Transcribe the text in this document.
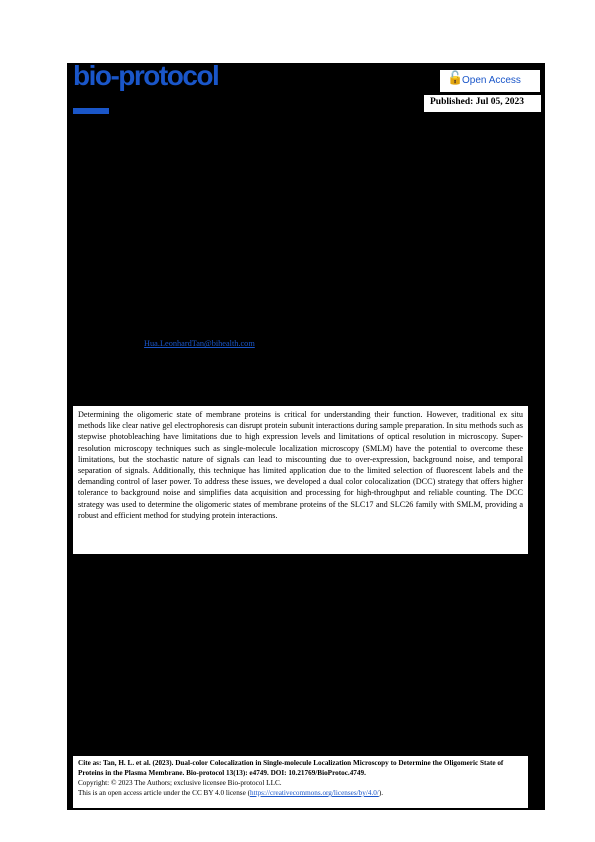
bio-protocol	🔓
Open Access
Published: Jul 05, 2023

$^1$Institute of Biological Information Processing, Molecular and Cellular Physiology (IBI-1), Forschungszentrum Jülich, Jülich, Germany

$^2$Berlin Institute of Health at Charité – Universitätsmedizin Berlin, Center of Functional Genomics, Hypertension and Molecular Biology of Endocrine Tumors, Berlin, Germany

*For correspondence: Hua.LeonhardTan@bihealth.com

Determining the oligomeric state of membrane proteins is critical for understanding their function. However, traditional ex situ methods like clear native gel electrophoresis can disrupt protein subunit interactions during sample preparation. In situ methods such as stepwise photobleaching have limitations due to high expression levels and limitations of optical resolution in microscopy. Super-resolution microscopy techniques such as single-molecule localization microscopy (SMLM) have the potential to overcome these limitations, but the stochastic nature of signals can lead to miscounting due to over-expression, background noise, and temporal separation of signals. Additionally, this technique has limited application due to the limited selection of fluorescent labels and the demanding control of laser power. To address these issues, we developed a dual color colocalization (DCC) strategy that offers higher tolerance to background noise and simplifies data acquisition and processing for high-throughput and reliable counting. The DCC strategy was used to determine the oligomeric states of membrane proteins of the SLC17 and SLC26 family with SMLM, providing a robust and efficient method for studying protein interactions.

Cite as: Tan, H. L. et al. (2023). Dual-color Colocalization in Single-molecule Localization Microscopy to Determine the Oligomeric State of Proteins in the Plasma Membrane. Bio-protocol 13(13): e4749. DOI: 10.21769/BioProtoc.4749.

Copyright: © 2023 The Authors; exclusive licensee Bio-protocol LLC.

This is an open access article under the CC BY 4.0 license (https://creativecommons.org/licenses/by/4.0/).
